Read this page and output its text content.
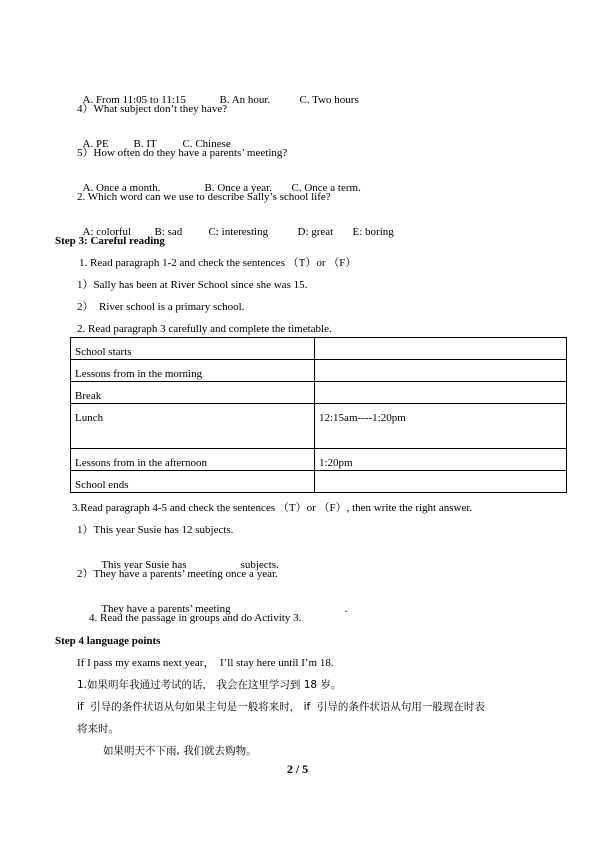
A. From 11:05 to 11:15	B. An hour.	C. Two hours

4）What subject don’t they have?

A. PE B. IT C. Chinese

5）How often do they have a parents’ meeting?

A. Once a month.	B. Once a year. C. Once a term.

2. Which word can we use to describe Sally’s school life?

A: colorful B: sad C: interesting	D: great E: boring

Step 3: Careful reading
1. Read paragraph 1-2 and check the sentences （T）or （F）
1）Sally has been at River School since she was 15.
2）  River school is a primary school.
2. Read paragraph 3 carefully and complete the timetable.
School starts	
Lessons from in the morning	
Break	
Lunch	12:15am----1:20pm
Lessons from in the afternoon	1:20pm
School ends	
3.Read paragraph 4-5 and check the sentences （T）or （F）, then write the right answer.
1）This year Susie has 12 subjects.

This year Susie has	subjects.

2）They have a parents’ meeting once a year.

They have a parents’ meeting	.

4. Read the passage in groups and do Activity 3.
Step 4 language points
If I pass my exams next year，  I’ll stay here until I’m 18.
1.如果明年我通过考试的话， 我会在这里学习到 18 岁。
if  引导的条件状语从句如果主句是一般将来时， if  引导的条件状语从句用一般现在时表
将来时。
如果明天不下雨, 我们就去购物。
2 / 5
